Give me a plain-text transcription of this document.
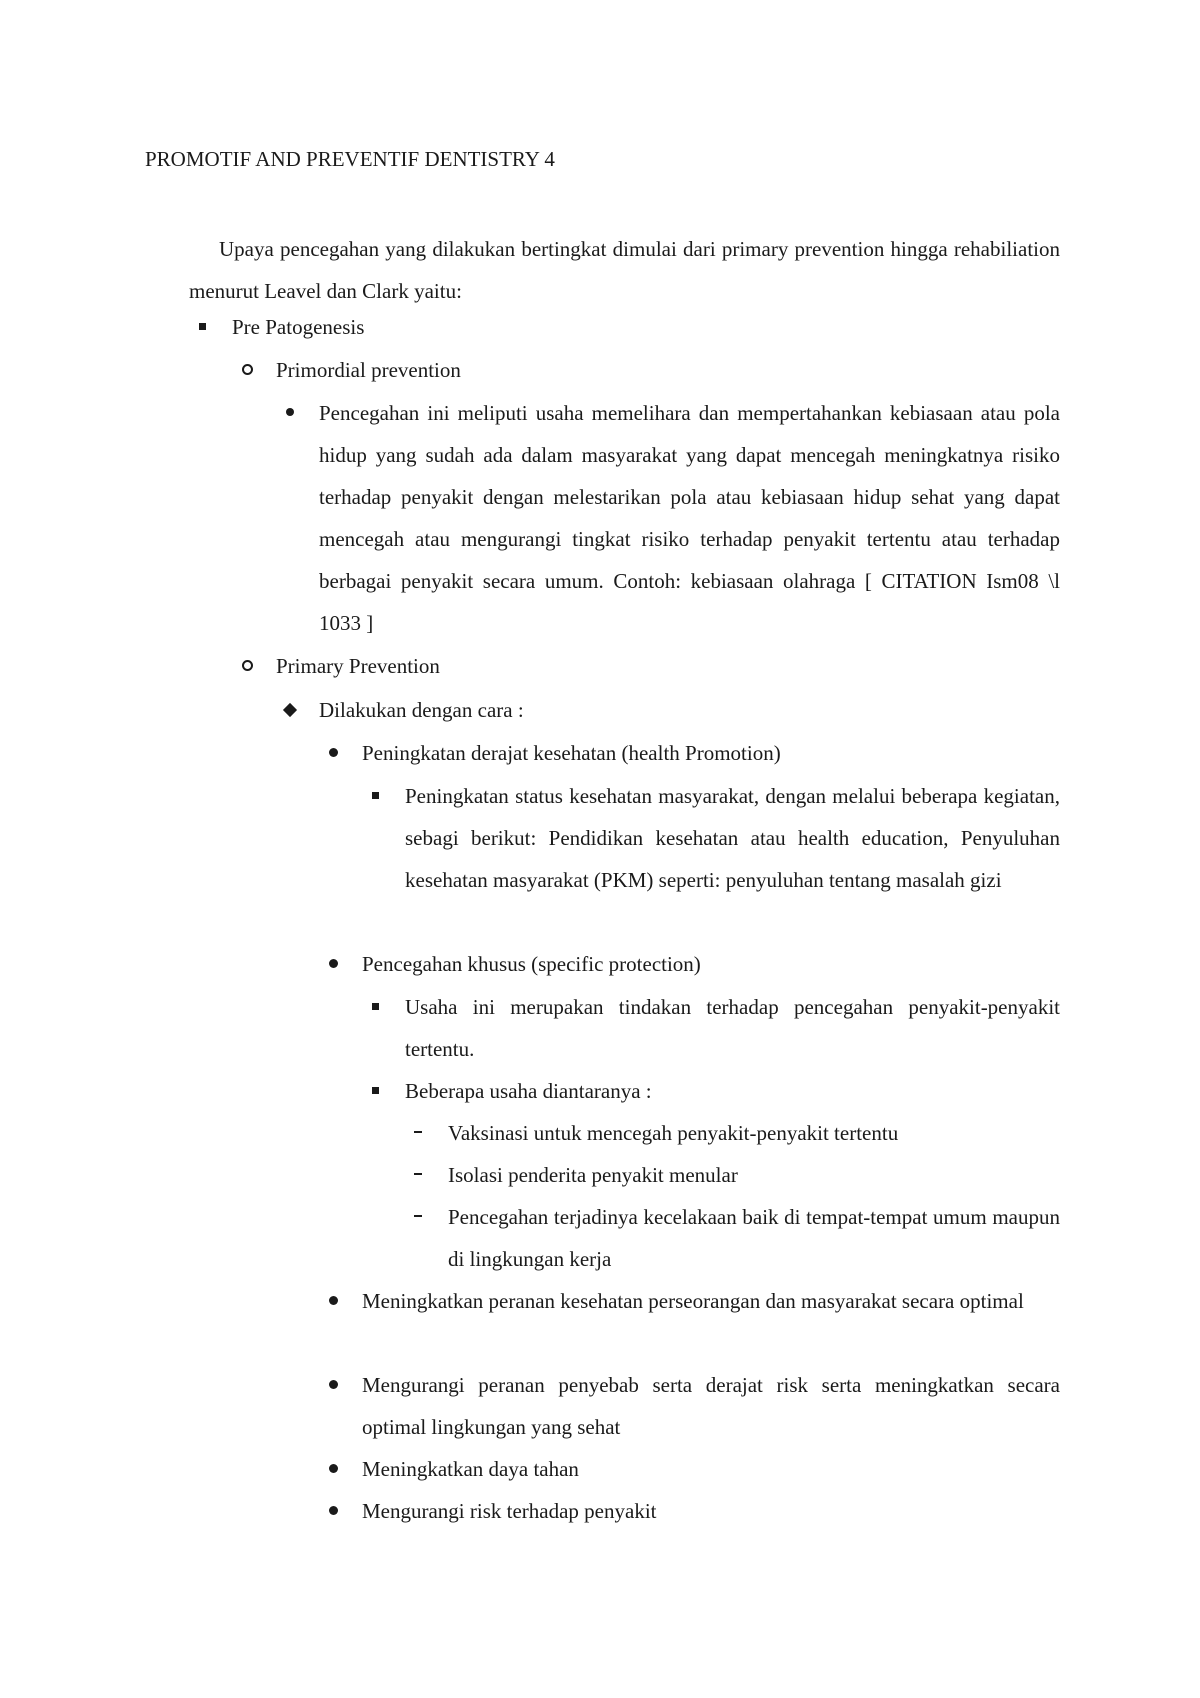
PROMOTIF AND PREVENTIF DENTISTRY 4
Upaya pencegahan yang dilakukan bertingkat dimulai dari primary prevention hingga rehabiliation menurut Leavel dan Clark yaitu:
Pre Patogenesis
Primordial prevention
Pencegahan ini meliputi usaha memelihara dan mempertahankan kebiasaan atau pola hidup yang sudah ada dalam masyarakat yang dapat mencegah meningkatnya risiko terhadap penyakit dengan melestarikan pola atau kebiasaan hidup sehat yang dapat mencegah atau mengurangi tingkat risiko terhadap penyakit tertentu atau terhadap berbagai penyakit secara umum. Contoh: kebiasaan olahraga [ CITATION Ism08 \l 1033 ]
Primary Prevention
Dilakukan dengan cara :
Peningkatan derajat kesehatan (health Promotion)
Peningkatan status kesehatan masyarakat, dengan melalui beberapa kegiatan, sebagi berikut: Pendidikan kesehatan atau health education, Penyuluhan kesehatan masyarakat (PKM) seperti: penyuluhan tentang masalah gizi
Pencegahan khusus (specific protection)
Usaha ini merupakan tindakan terhadap pencegahan penyakit-penyakit tertentu.
Beberapa usaha diantaranya :
Vaksinasi untuk mencegah penyakit-penyakit tertentu
Isolasi penderita penyakit menular
Pencegahan terjadinya kecelakaan baik di tempat-tempat umum maupun di lingkungan kerja
Meningkatkan peranan kesehatan perseorangan dan masyarakat secara optimal
Mengurangi peranan penyebab serta derajat risk serta meningkatkan secara optimal lingkungan yang sehat
Meningkatkan daya tahan
Mengurangi risk terhadap penyakit
